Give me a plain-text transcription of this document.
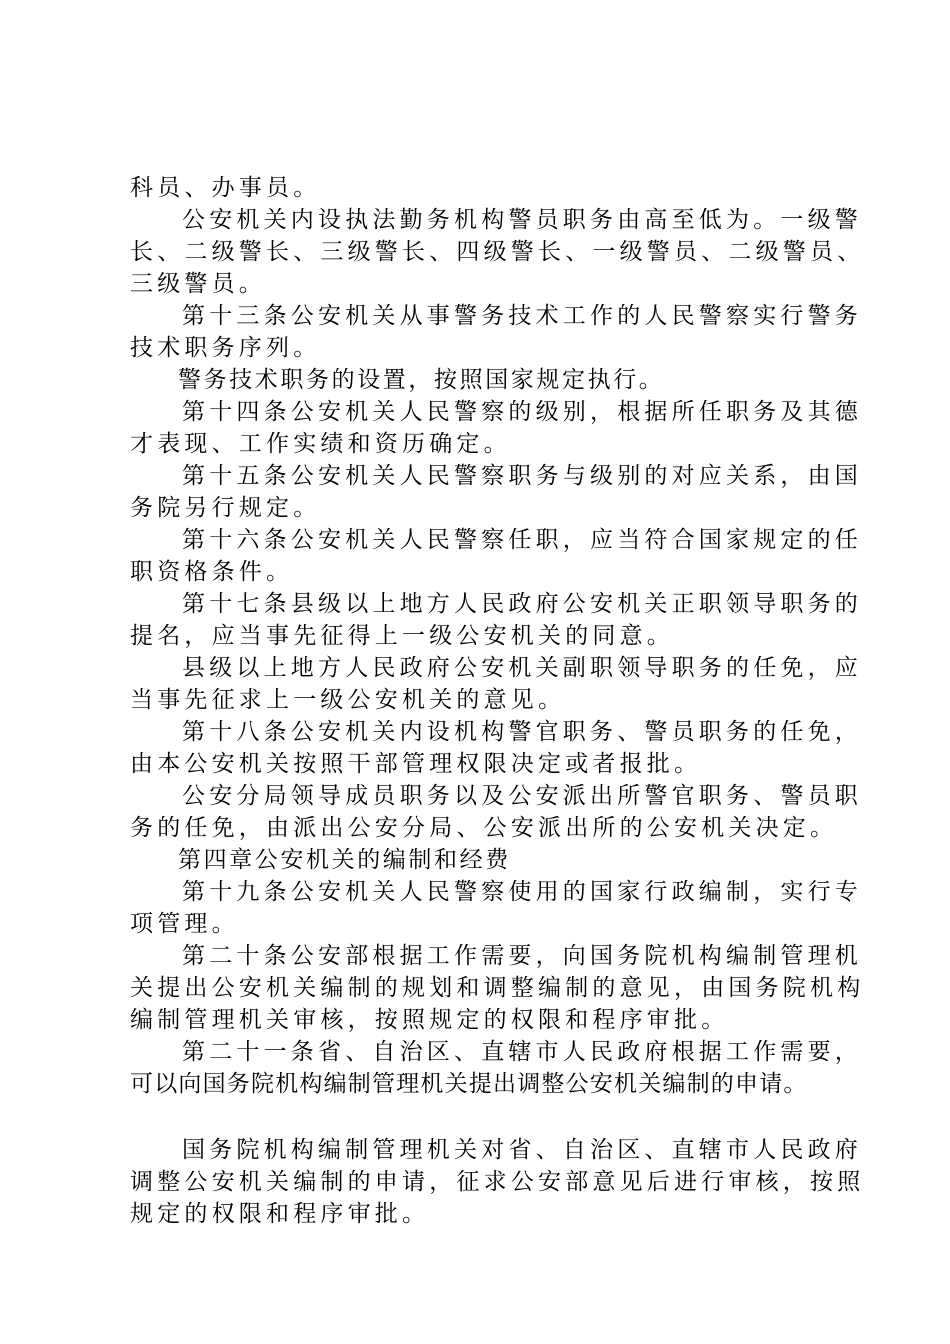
科员、办事员。
公安机关内设执法勤务机构警员职务由高至低为。一级警
长、二级警长、三级警长、四级警长、一级警员、二级警员、
三级警员。
第十三条公安机关从事警务技术工作的人民警察实行警务
技术职务序列。
警务技术职务的设置，按照国家规定执行。
第十四条公安机关人民警察的级别，根据所任职务及其德
才表现、工作实绩和资历确定。
第十五条公安机关人民警察职务与级别的对应关系，由国
务院另行规定。
第十六条公安机关人民警察任职，应当符合国家规定的任
职资格条件。
第十七条县级以上地方人民政府公安机关正职领导职务的
提名，应当事先征得上一级公安机关的同意。
县级以上地方人民政府公安机关副职领导职务的任免，应
当事先征求上一级公安机关的意见。
第十八条公安机关内设机构警官职务、警员职务的任免，
由本公安机关按照干部管理权限决定或者报批。
公安分局领导成员职务以及公安派出所警官职务、警员职
务的任免，由派出公安分局、公安派出所的公安机关决定。
第四章公安机关的编制和经费
第十九条公安机关人民警察使用的国家行政编制，实行专
项管理。
第二十条公安部根据工作需要，向国务院机构编制管理机
关提出公安机关编制的规划和调整编制的意见，由国务院机构
编制管理机关审核，按照规定的权限和程序审批。
第二十一条省、自治区、直辖市人民政府根据工作需要，
可以向国务院机构编制管理机关提出调整公安机关编制的申请。
国务院机构编制管理机关对省、自治区、直辖市人民政府
调整公安机关编制的申请，征求公安部意见后进行审核，按照
规定的权限和程序审批。
